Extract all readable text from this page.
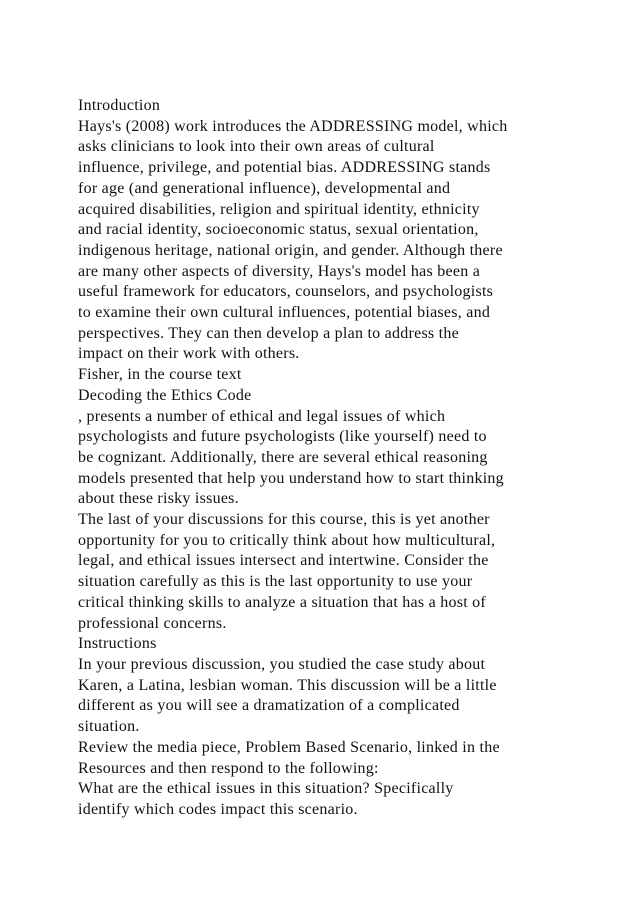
Introduction
Hays's (2008) work introduces the ADDRESSING model, which
asks clinicians to look into their own areas of cultural
influence, privilege, and potential bias. ADDRESSING stands
for age (and generational influence), developmental and
acquired disabilities, religion and spiritual identity, ethnicity
and racial identity, socioeconomic status, sexual orientation,
indigenous heritage, national origin, and gender. Although there
are many other aspects of diversity, Hays's model has been a
useful framework for educators, counselors, and psychologists
to examine their own cultural influences, potential biases, and
perspectives. They can then develop a plan to address the
impact on their work with others.
Fisher, in the course text
Decoding the Ethics Code
, presents a number of ethical and legal issues of which
psychologists and future psychologists (like yourself) need to
be cognizant. Additionally, there are several ethical reasoning
models presented that help you understand how to start thinking
about these risky issues.
The last of your discussions for this course, this is yet another
opportunity for you to critically think about how multicultural,
legal, and ethical issues intersect and intertwine. Consider the
situation carefully as this is the last opportunity to use your
critical thinking skills to analyze a situation that has a host of
professional concerns.
Instructions
In your previous discussion, you studied the case study about
Karen, a Latina, lesbian woman. This discussion will be a little
different as you will see a dramatization of a complicated
situation.
Review the media piece, Problem Based Scenario, linked in the
Resources and then respond to the following:
What are the ethical issues in this situation? Specifically
identify which codes impact this scenario.
